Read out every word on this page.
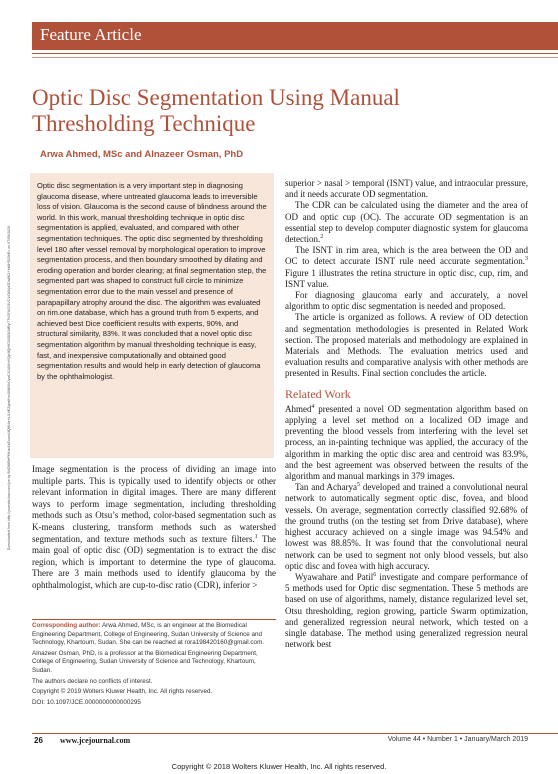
Downloaded from http://journals.lww.com/jce by BhDMf5ePHKav1zEoum1tQfN4a+kJLhEZgbsIHo4XMi0hCywCX1AWnYQp/IlQrHD3i3D0OdRyi7TvSFl4Cf3VC4/OAVpDDa8K2+Ya6H515kE= on 07/09/2020
Feature Article
Optic Disc Segmentation Using Manual Thresholding Technique
Arwa Ahmed, MSc and Alnazeer Osman, PhD

Optic disc segmentation is a very important step in diagnosing glaucoma disease, where untreated glaucoma leads to irreversible loss of vision. Glaucoma is the second cause of blindness around the world. In this work, manual thresholding technique in optic disc segmentation is applied, evaluated, and compared with other segmentation techniques. The optic disc segmented by thresholding level 180 after vessel removal by morphological operation to improve segmentation process, and then boundary smoothed by dilating and eroding operation and border clearing; at final segmentation step, the segmented part was shaped to construct full circle to minimize segmentation error due to the main vessel and presence of parapapillary atrophy around the disc. The algorithm was evaluated on rim.one database, which has a ground truth from 5 experts, and achieved best Dice coefficient results with experts, 90%, and structural similarity, 83%. It was concluded that a novel optic disc segmentation algorithm by manual thresholding technique is easy, fast, and inexpensive computationally and obtained good segmentation results and would help in early detection of glaucoma by the ophthalmologist.

Image segmentation is the process of dividing an image into multiple parts. This is typically used to identify objects or other relevant information in digital images. There are many different ways to perform image segmentation, including thresholding methods such as Otsu’s method, color-based segmentation such as K-means clustering, transform methods such as watershed segmentation, and texture methods such as texture filters.$^1$ The main goal of optic disc (OD) segmentation is to extract the disc region, which is important to determine the type of glaucoma. There are 3 main methods used to identify glaucoma by the ophthalmologist, which are cup-to-disc ratio (CDR), inferior >

Corresponding author: Arwa Ahmed, MSc, is an engineer at the Biomedical Engineering Department, College of Engineering, Sudan University of Science and Technology, Khartoum, Sudan. She can be reached at rora198420160@gmail.com.

Alnazeer Osman, PhD, is a professor at the Biomedical Engineering Department, College of Engineering, Sudan University of Science and Technology, Khartoum, Sudan.

The authors declare no conflicts of interest.

Copyright © 2019 Wolters Kluwer Health, Inc. All rights reserved.

DOI: 10.1097/JCE.0000000000000295

superior > nasal > temporal (ISNT) value, and intraocular pressure, and it needs accurate OD segmentation.

The CDR can be calculated using the diameter and the area of OD and optic cup (OC). The accurate OD segmentation is an essential step to develop computer diagnostic system for glaucoma detection.$^2$

The ISNT in rim area, which is the area between the OD and OC to detect accurate ISNT rule need accurate segmentation.$^3$ Figure 1 illustrates the retina structure in optic disc, cup, rim, and ISNT value.

For diagnosing glaucoma early and accurately, a novel algorithm to optic disc segmentation is needed and proposed.

The article is organized as follows. A review of OD detection and segmentation methodologies is presented in Related Work section. The proposed materials and methodology are explained in Materials and Methods. The evaluation metrics used and evaluation results and comparative analysis with other methods are presented in Results. Final section concludes the article.

Related Work

Ahmed$^4$ presented a novel OD segmentation algorithm based on applying a level set method on a localized OD image and preventing the blood vessels from interfering with the level set process, an in-painting technique was applied, the accuracy of the algorithm in marking the optic disc area and centroid was 83.9%, and the best agreement was observed between the results of the algorithm and manual markings in 379 images.

Tan and Acharya$^5$ developed and trained a convolutional neural network to automatically segment optic disc, fovea, and blood vessels. On average, segmentation correctly classified 92.68% of the ground truths (on the testing set from Drive database), where highest accuracy achieved on a single image was 94.54% and lowest was 88.85%. It was found that the convolutional neural network can be used to segment not only blood vessels, but also optic disc and fovea with high accuracy.

Wyawahare and Patil$^6$ investigate and compare performance of 5 methods used for Optic disc segmentation. These 5 methods are based on use of algorithms, namely, distance regularized level set, Otsu thresholding, region growing, particle Swarm optimization, and generalized regression neural network, which tested on a single database. The method using generalized regression neural network best

26 www.jcejournal.com	Volume 44 • Number 1 • January/March 2019
Copyright © 2018 Wolters Kluwer Health, Inc. All rights reserved.
